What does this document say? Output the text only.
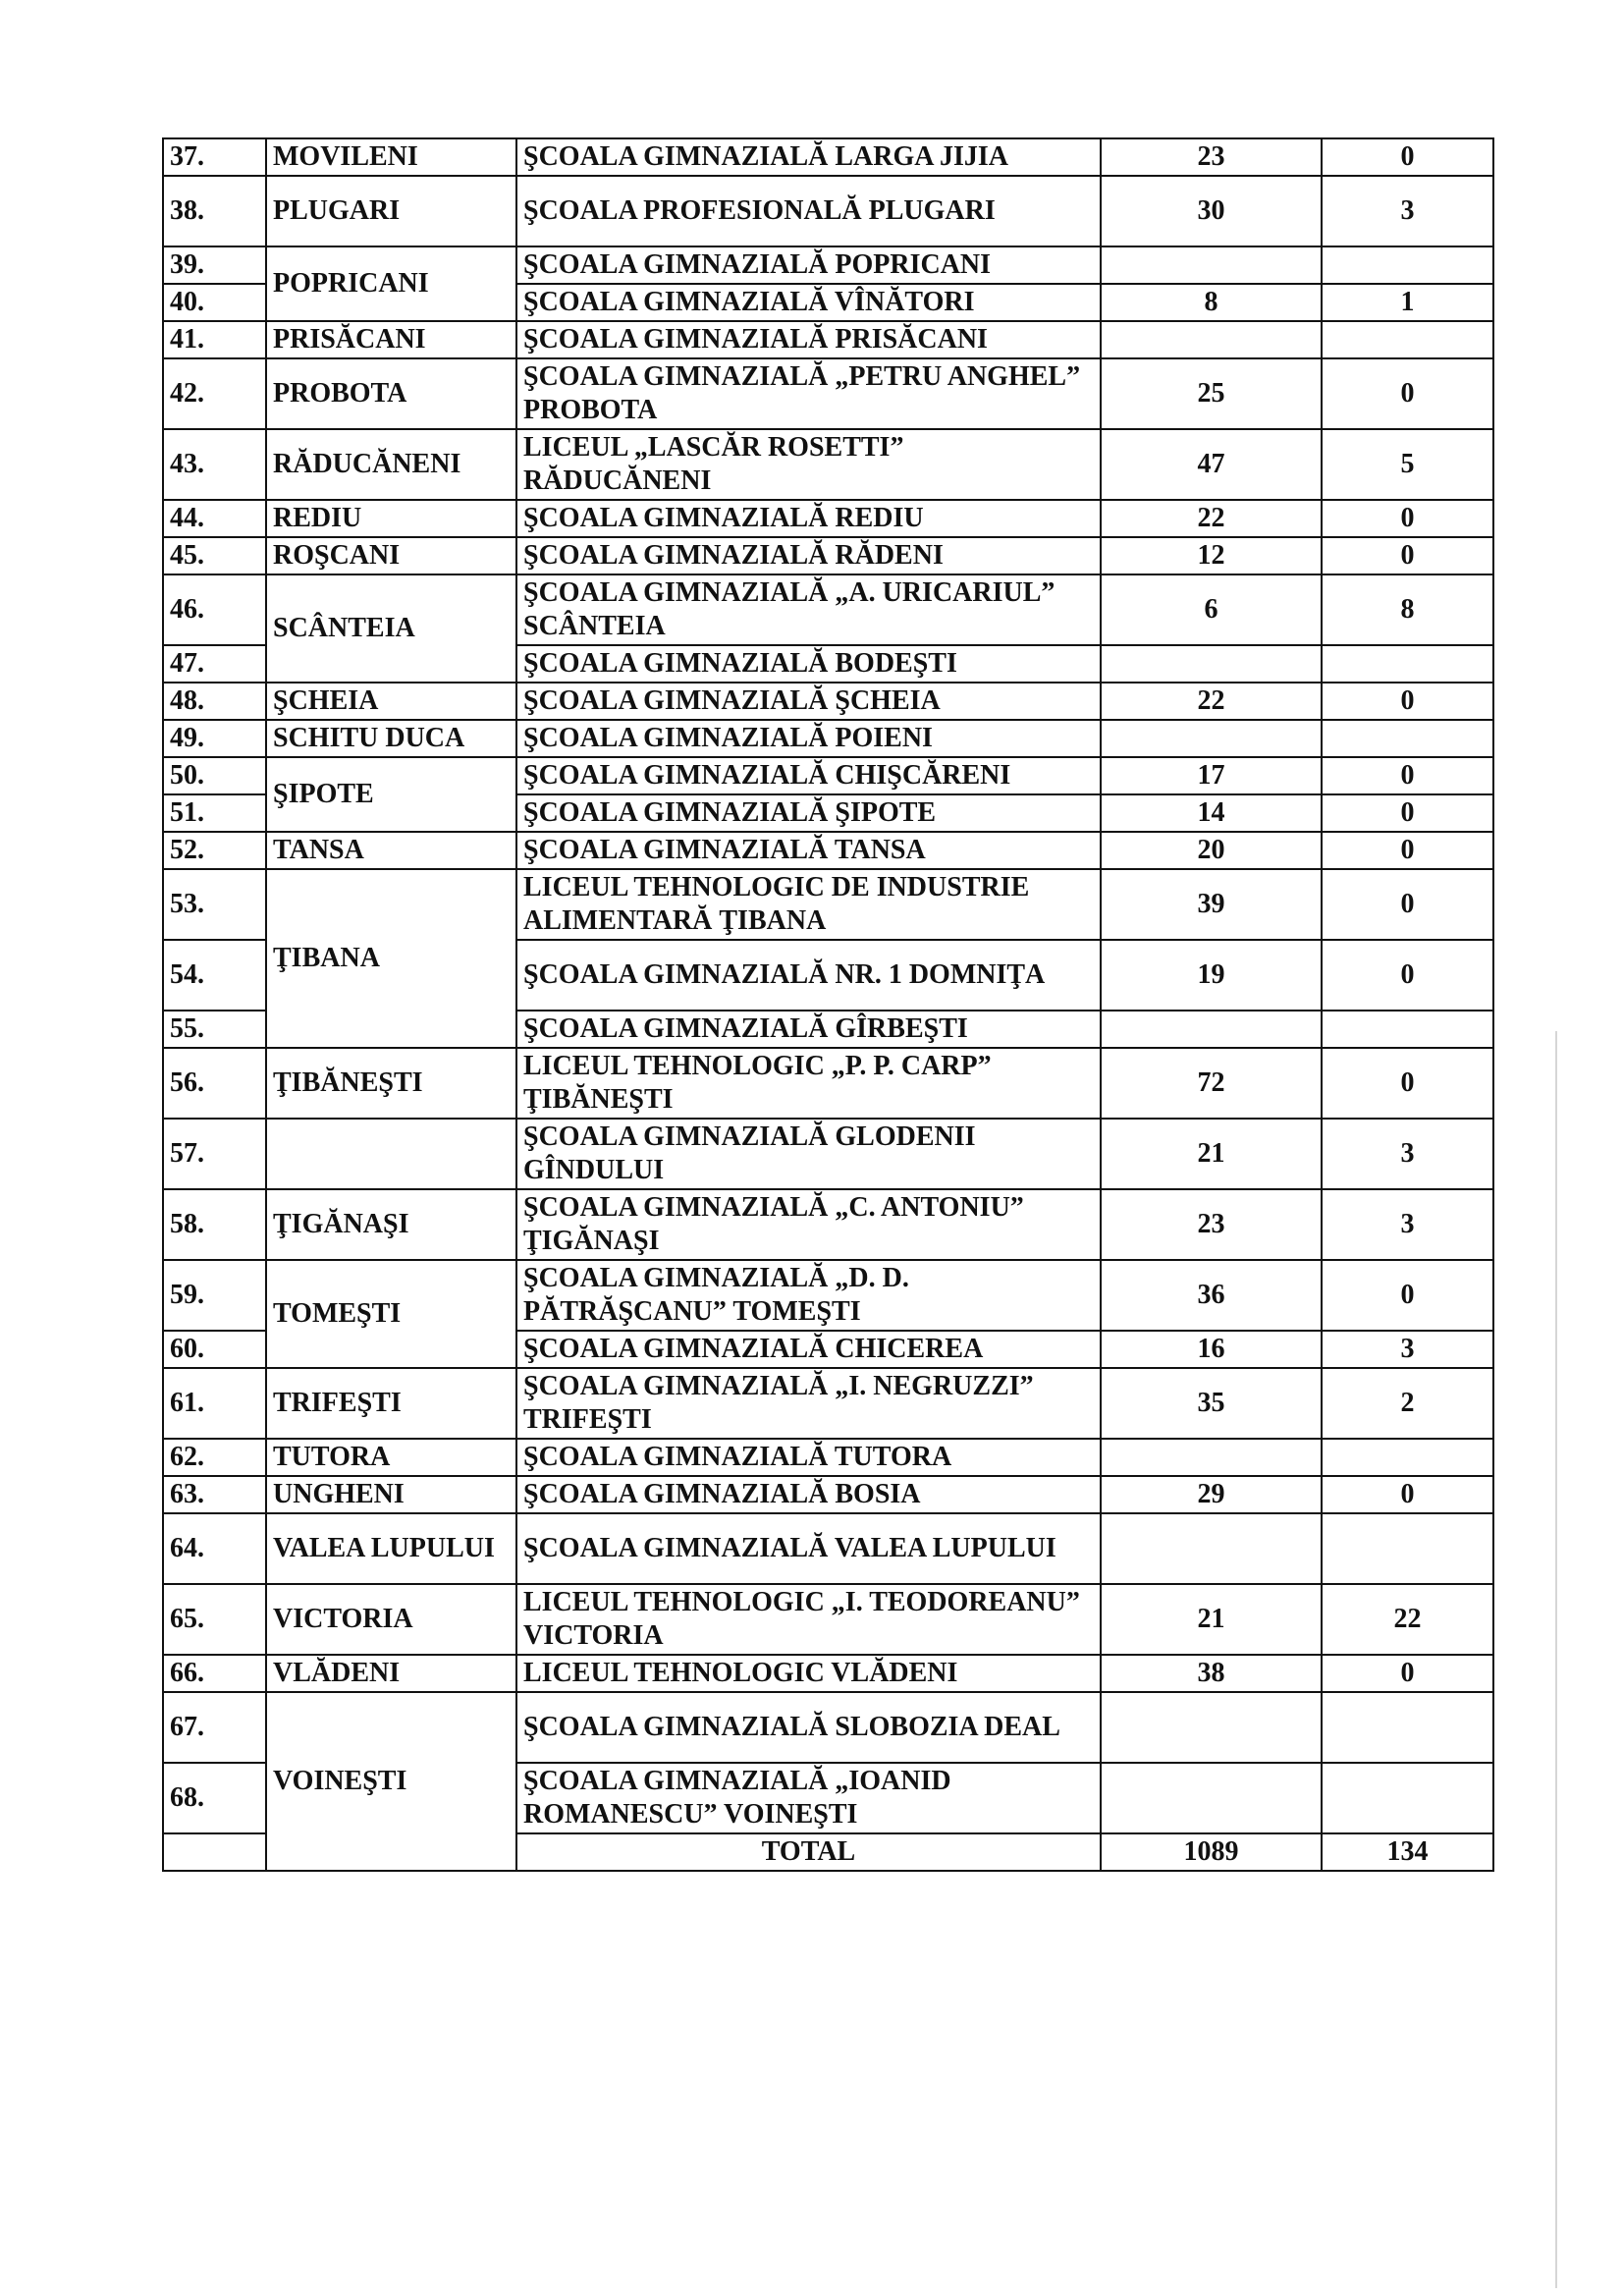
37.	MOVILENI	ŞCOALA GIMNAZIALĂ LARGA JIJIA	23	0
38.	PLUGARI	ŞCOALA PROFESIONALĂ PLUGARI	30	3
39.	POPRICANI	ŞCOALA GIMNAZIALĂ POPRICANI		
40.		ŞCOALA GIMNAZIALĂ VÎNĂTORI	8	1
41.	PRISĂCANI	ŞCOALA GIMNAZIALĂ PRISĂCANI		
42.	PROBOTA	ŞCOALA GIMNAZIALĂ „PETRU ANGHEL” PROBOTA	25	0
43.	RĂDUCĂNENI	LICEUL „LASCĂR ROSETTI” RĂDUCĂNENI	47	5
44.	REDIU	ŞCOALA GIMNAZIALĂ REDIU	22	0
45.	ROŞCANI	ŞCOALA GIMNAZIALĂ RĂDENI	12	0
46.	SCÂNTEIA	ŞCOALA GIMNAZIALĂ „A. URICARIUL” SCÂNTEIA	6	8
47.		ŞCOALA GIMNAZIALĂ BODEŞTI		
48.	ŞCHEIA	ŞCOALA GIMNAZIALĂ ŞCHEIA	22	0
49.	SCHITU DUCA	ŞCOALA GIMNAZIALĂ POIENI		
50.	ŞIPOTE	ŞCOALA GIMNAZIALĂ CHIŞCĂRENI	17	0
51.		ŞCOALA GIMNAZIALĂ ŞIPOTE	14	0
52.	TANSA	ŞCOALA GIMNAZIALĂ TANSA	20	0
53.	ŢIBANA	LICEUL TEHNOLOGIC DE INDUSTRIE ALIMENTARĂ ŢIBANA	39	0
54.		ŞCOALA GIMNAZIALĂ NR. 1 DOMNIŢA	19	0
55.		ŞCOALA GIMNAZIALĂ GÎRBEŞTI		
56.	ŢIBĂNEŞTI	LICEUL TEHNOLOGIC „P. P. CARP” ŢIBĂNEŞTI	72	0
57.		ŞCOALA GIMNAZIALĂ GLODENII GÎNDULUI	21	3
58.	ŢIGĂNAŞI	ŞCOALA GIMNAZIALĂ „C. ANTONIU” ŢIGĂNAŞI	23	3
59.	TOMEŞTI	ŞCOALA GIMNAZIALĂ „D. D. PĂTRĂŞCANU” TOMEŞTI	36	0
60.		ŞCOALA GIMNAZIALĂ CHICEREA	16	3
61.	TRIFEŞTI	ŞCOALA GIMNAZIALĂ „I. NEGRUZZI” TRIFEŞTI	35	2
62.	TUTORA	ŞCOALA GIMNAZIALĂ TUTORA		
63.	UNGHENI	ŞCOALA GIMNAZIALĂ BOSIA	29	0
64.	VALEA LUPULUI	ŞCOALA GIMNAZIALĂ VALEA LUPULUI		
65.	VICTORIA	LICEUL TEHNOLOGIC „I. TEODOREANU” VICTORIA	21	22
66.	VLĂDENI	LICEUL TEHNOLOGIC VLĂDENI	38	0
67.	VOINEŞTI	ŞCOALA GIMNAZIALĂ SLOBOZIA DEAL		
68.		ŞCOALA GIMNAZIALĂ „IOANID ROMANESCU” VOINEŞTI		
		TOTAL	1089	134
